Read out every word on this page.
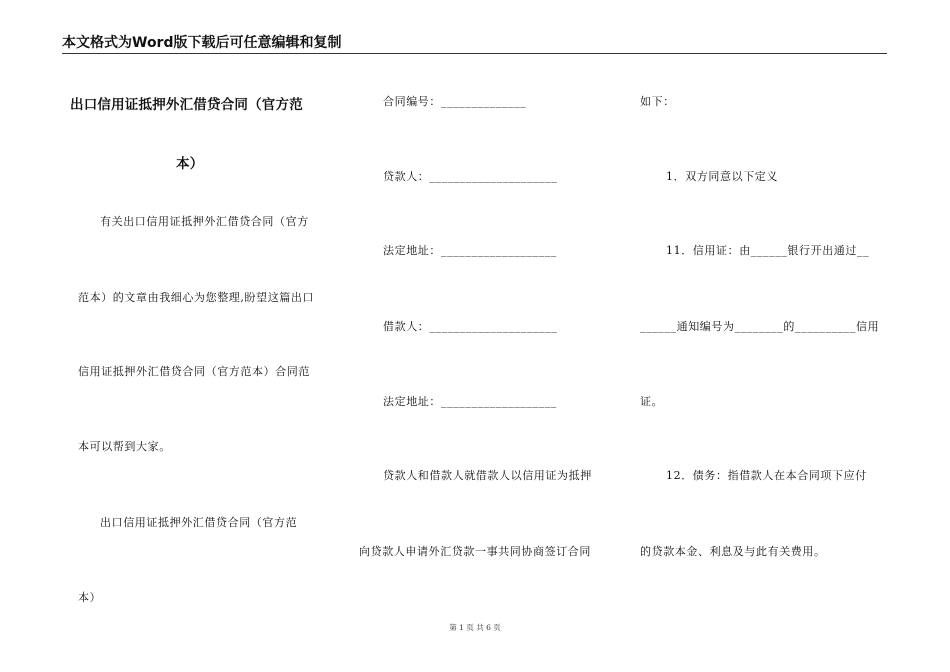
本文格式为Word版下载后可任意编辑和复制
出口信用证抵押外汇借贷合同（官方范
本）
有关出口信用证抵押外汇借贷合同（官方
范本）的文章由我细心为您整理,盼望这篇出口
信用证抵押外汇借贷合同（官方范本）合同范
本可以帮到大家。
出口信用证抵押外汇借贷合同（官方范
本）
合同编号：______________
贷款人：_____________________
法定地址：___________________
借款人：_____________________
法定地址：___________________
贷款人和借款人就借款人以信用证为抵押
向贷款人申请外汇贷款一事共同协商签订合同
如下：
1．双方同意以下定义
11．信用证：由______银行开出通过__
______通知编号为________的__________信用
证。
12．债务：指借款人在本合同项下应付
的贷款本金、利息及与此有关费用。
第 1 页 共 6 页
